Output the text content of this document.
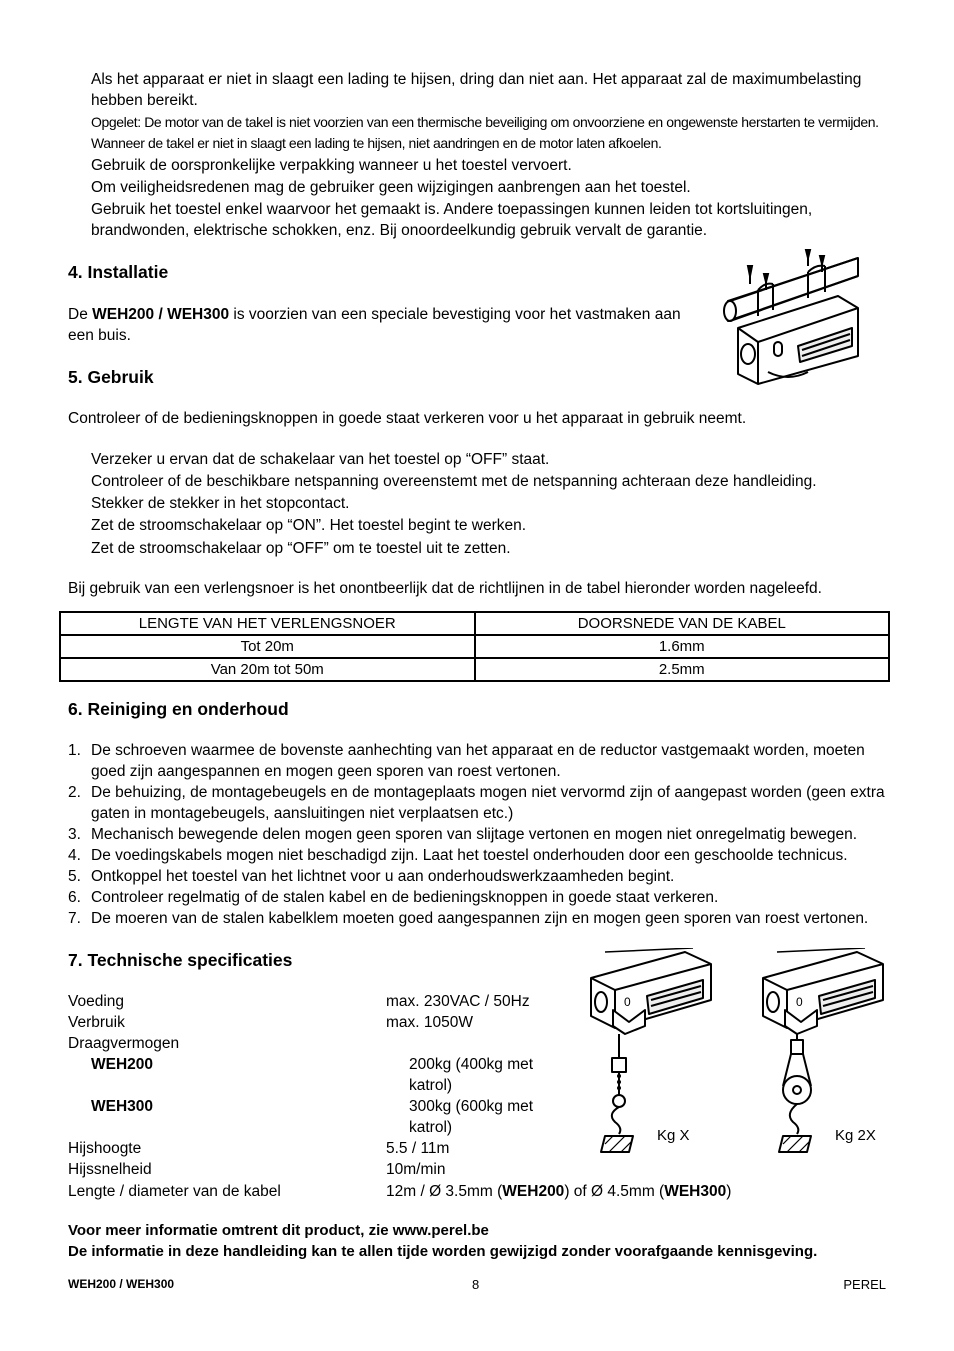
Als het apparaat er niet in slaagt een lading te hijsen, dring dan niet aan. Het apparaat zal de maximumbelasting hebben bereikt.
Opgelet: De motor van de takel is niet voorzien van een thermische beveiliging om onvoorziene en ongewenste herstarten te vermijden. Wanneer de takel er niet in slaagt een lading te hijsen, niet aandringen en de motor laten afkoelen.
Gebruik de oorspronkelijke verpakking wanneer u het toestel vervoert.
Om veiligheidsredenen mag de gebruiker geen wijzigingen aanbrengen aan het toestel.
Gebruik het toestel enkel waarvoor het gemaakt is. Andere toepassingen kunnen leiden tot kortsluitingen, brandwonden, elektrische schokken, enz. Bij onoordeelkundig gebruik vervalt de garantie.
4. Installatie
De WEH200 / WEH300 is voorzien van een speciale bevestiging voor het vastmaken aan een buis.
5. Gebruik
Controleer of de bedieningsknoppen in goede staat verkeren voor u het apparaat in gebruik neemt.
Verzeker u ervan dat de schakelaar van het toestel op “OFF” staat.
Controleer of de beschikbare netspanning overeenstemt met de netspanning achteraan deze handleiding.
Stekker de stekker in het stopcontact.
Zet de stroomschakelaar op “ON”. Het toestel begint te werken.
Zet de stroomschakelaar op “OFF” om te toestel uit te zetten.
Bij gebruik van een verlengsnoer is het onontbeerlijk dat de richtlijnen in de tabel hieronder worden nageleefd.
LENGTE VAN HET VERLENGSNOER	DOORSNEDE VAN DE KABEL
Tot 20m	1.6mm
Van 20m tot 50m	2.5mm
6. Reiniging en onderhoud
1. De schroeven waarmee de bovenste aanhechting van het apparaat en de reductor vastgemaakt worden, moeten goed zijn aangespannen en mogen geen sporen van roest vertonen.
2. De behuizing, de montagebeugels en de montageplaats mogen niet vervormd zijn of aangepast worden (geen extra gaten in montagebeugels, aansluitingen niet verplaatsen etc.)
3. Mechanisch bewegende delen mogen geen sporen van slijtage vertonen en mogen niet onregelmatig bewegen.
4. De voedingskabels mogen niet beschadigd zijn. Laat het toestel onderhouden door een geschoolde technicus.
5. Ontkoppel het toestel van het lichtnet voor u aan onderhoudswerkzaamheden begint.
6. Controleer regelmatig of de stalen kabel en de bedieningsknoppen in goede staat verkeren.
7. De moeren van de stalen kabelklem moeten goed aangespannen zijn en mogen geen sporen van roest vertonen.
7. Technische specificaties
Voeding	max. 230VAC / 50Hz
Verbruik	max. 1050W
Draagvermogen
WEH200	200kg (400kg met katrol)
WEH300	300kg (600kg met katrol)
Hijshoogte	5.5 / 11m
Hijssnelheid	10m/min
Lengte / diameter van de kabel	12m / Ø 3.5mm (WEH200) of Ø 4.5mm (WEH300)
0
Kg X
0
Kg 2X
Voor meer informatie omtrent dit product, zie www.perel.be
De informatie in deze handleiding kan te allen tijde worden gewijzigd zonder voorafgaande kennisgeving.
WEH200 / WEH300	8	PEREL
